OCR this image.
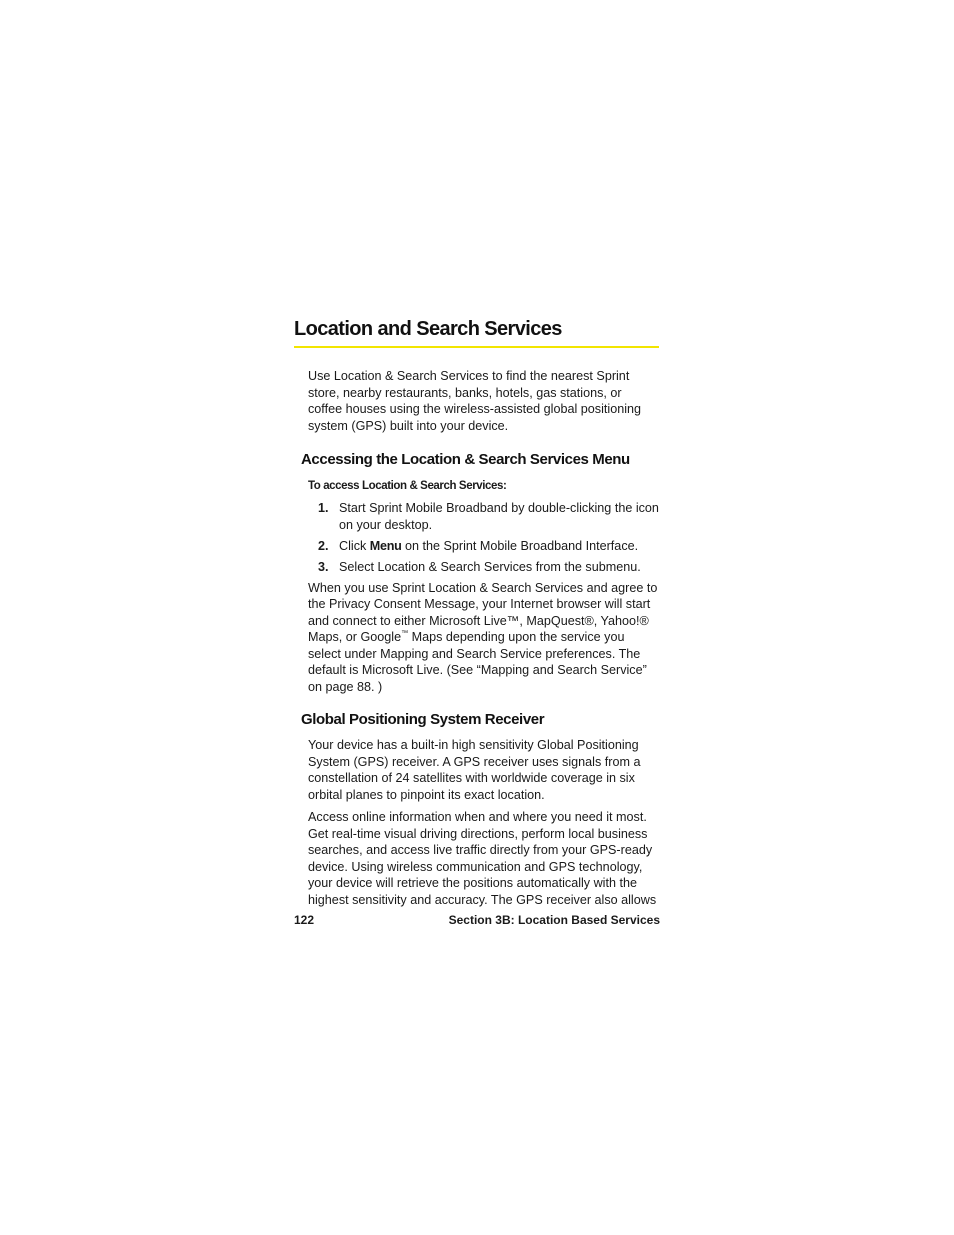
Location and Search Services

Use Location & Search Services to find the nearest Sprint store, nearby restaurants, banks, hotels, gas stations, or coffee houses using the wireless-assisted global positioning system (GPS) built into your device.

Accessing the Location & Search Services Menu
To access Location & Search Services:
1. Start Sprint Mobile Broadband by double-clicking the icon on your desktop.
2. Click Menu on the Sprint Mobile Broadband Interface.
3. Select Location & Search Services from the submenu.

When you use Sprint Location & Search Services and agree to the Privacy Consent Message, your Internet browser will start and connect to either Microsoft Live™, MapQuest®, Yahoo!® Maps, or Google™ Maps depending upon the service you select under Mapping and Search Service preferences. The default is Microsoft Live. (See “Mapping and Search Service” on page 88. )

Global Positioning System Receiver

Your device has a built-in high sensitivity Global Positioning System (GPS) receiver. A GPS receiver uses signals from a constellation of 24 satellites with worldwide coverage in six orbital planes to pinpoint its exact location.

Access online information when and where you need it most. Get real-time visual driving directions, perform local business searches, and access live traffic directly from your GPS-ready device. Using wireless communication and GPS technology, your device will retrieve the positions automatically with the highest sensitivity and accuracy. The GPS receiver also allows

122	Section 3B: Location Based Services
